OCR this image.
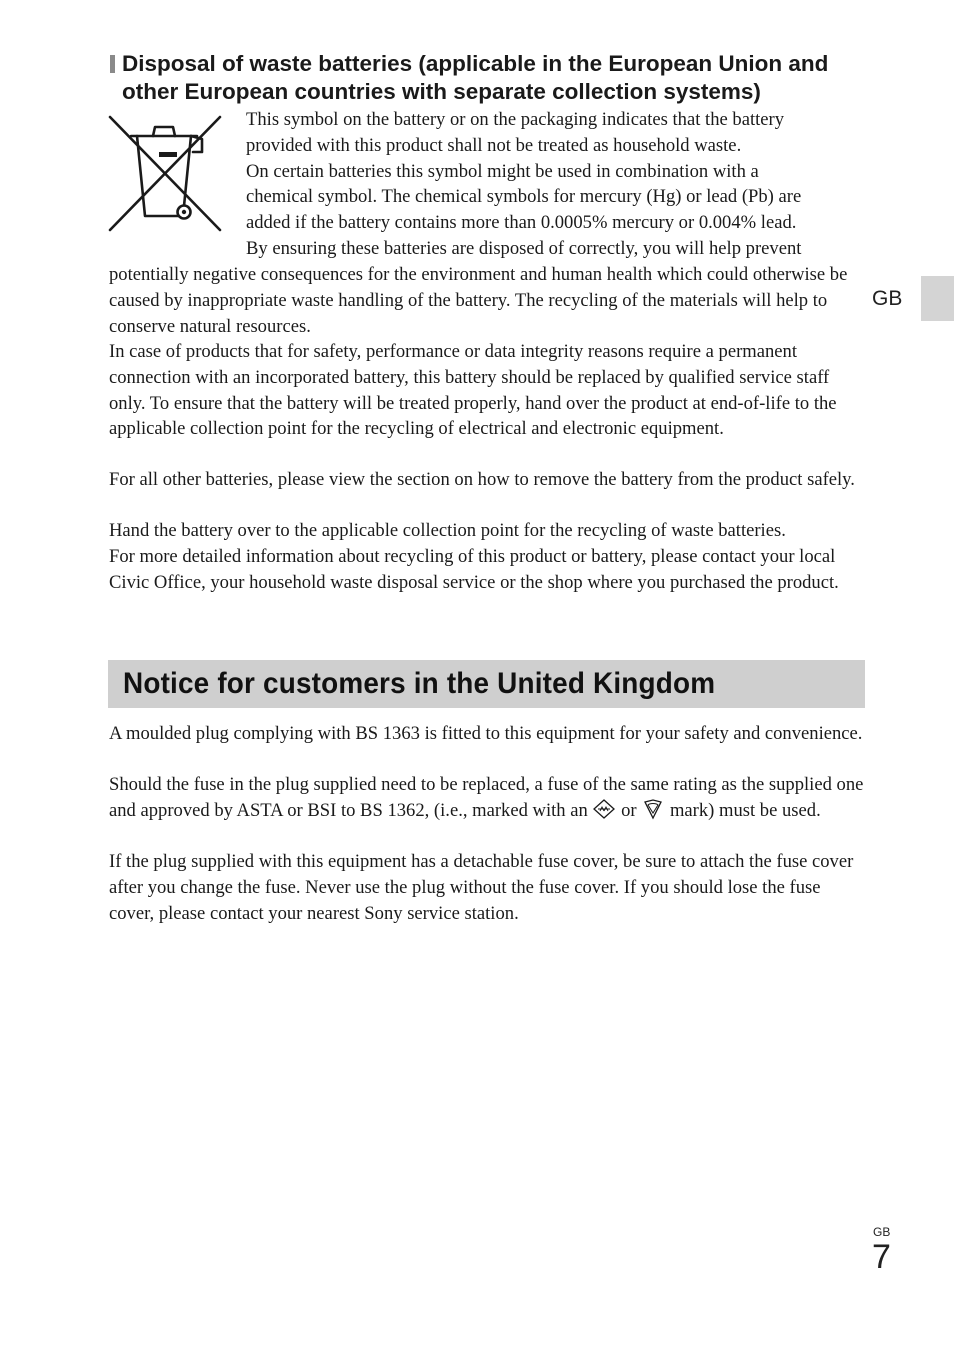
Disposal of waste batteries (applicable in the European Union and other European countries with separate collection systems)
This symbol on the battery or on the packaging indicates that the battery
provided with this product shall not be treated as household waste.
On certain batteries this symbol might be used in combination with a
chemical symbol. The chemical symbols for mercury (Hg) or lead (Pb) are
added if the battery contains more than 0.0005% mercury or 0.004% lead.
By ensuring these batteries are disposed of correctly, you will help prevent

potentially negative consequences for the environment and human health which could otherwise be caused by inappropriate waste handling of the battery. The recycling of the materials will help to conserve natural resources.

In case of products that for safety, performance or data integrity reasons require a permanent connection with an incorporated battery, this battery should be replaced by qualified service staff only. To ensure that the battery will be treated properly, hand over the product at end-of-life to the applicable collection point for the recycling of electrical and electronic equipment.

For all other batteries, please view the section on how to remove the battery from the product safely.

Hand the battery over to the applicable collection point for the recycling of waste batteries.

For more detailed information about recycling of this product or battery, please contact your local Civic Office, your household waste disposal service or the shop where you purchased the product.

Notice for customers in the United Kingdom

A moulded plug complying with BS 1363 is fitted to this equipment for your safety and convenience.

Should the fuse in the plug supplied need to be replaced, a fuse of the same rating as the supplied one and approved by ASTA or BSI to BS 1362, (i.e., marked with an or mark) must be used.

If the plug supplied with this equipment has a detachable fuse cover, be sure to attach the fuse cover after you change the fuse. Never use the plug without the fuse cover. If you should lose the fuse cover, please contact your nearest Sony service station.

GB
GB
7
